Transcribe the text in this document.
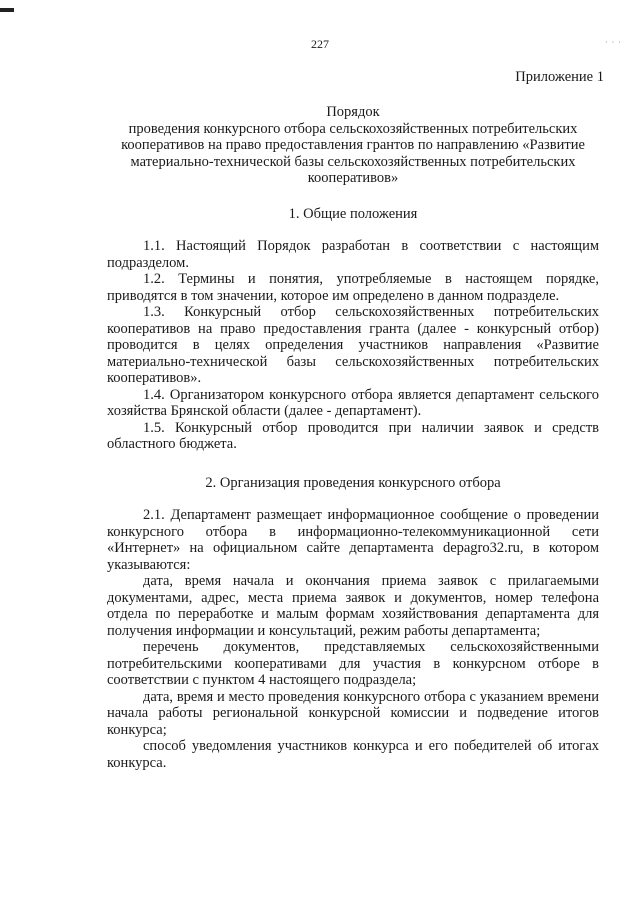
· · ·
227
Приложение 1

Порядок

проведения конкурсного отбора сельскохозяйственных потребительских кооперативов на право предоставления грантов по направлению «Развитие материально-технической базы сельскохозяйственных потребительских кооперативов»

1. Общие положения

1.1. Настоящий Порядок разработан в соответствии с настоящим подразделом.

1.2. Термины и понятия, употребляемые в настоящем порядке, приводятся в том значении, которое им определено в данном подразделе.

1.3. Конкурсный отбор сельскохозяйственных потребительских кооперативов на право предоставления гранта (далее - конкурсный отбор) проводится в целях определения участников направления «Развитие материально-технической базы сельскохозяйственных потребительских кооперативов».

1.4. Организатором конкурсного отбора является департамент сельского хозяйства Брянской области (далее - департамент).

1.5. Конкурсный отбор проводится при наличии заявок и средств областного бюджета.

2. Организация проведения конкурсного отбора

2.1. Департамент размещает информационное сообщение о проведении конкурсного отбора в информационно-телекоммуникационной сети «Интернет» на официальном сайте департамента depagro32.ru, в котором указываются:

дата, время начала и окончания приема заявок с прилагаемыми документами, адрес, места приема заявок и документов, номер телефона отдела по переработке и малым формам хозяйствования департамента для получения информации и консультаций, режим работы департамента;

перечень документов, представляемых сельскохозяйственными потребительскими кооперативами для участия в конкурсном отборе в соответствии с пунктом 4 настоящего подраздела;

дата, время и место проведения конкурсного отбора с указанием времени начала работы региональной конкурсной комиссии и подведение итогов конкурса;

способ уведомления участников конкурса и его победителей об итогах конкурса.
